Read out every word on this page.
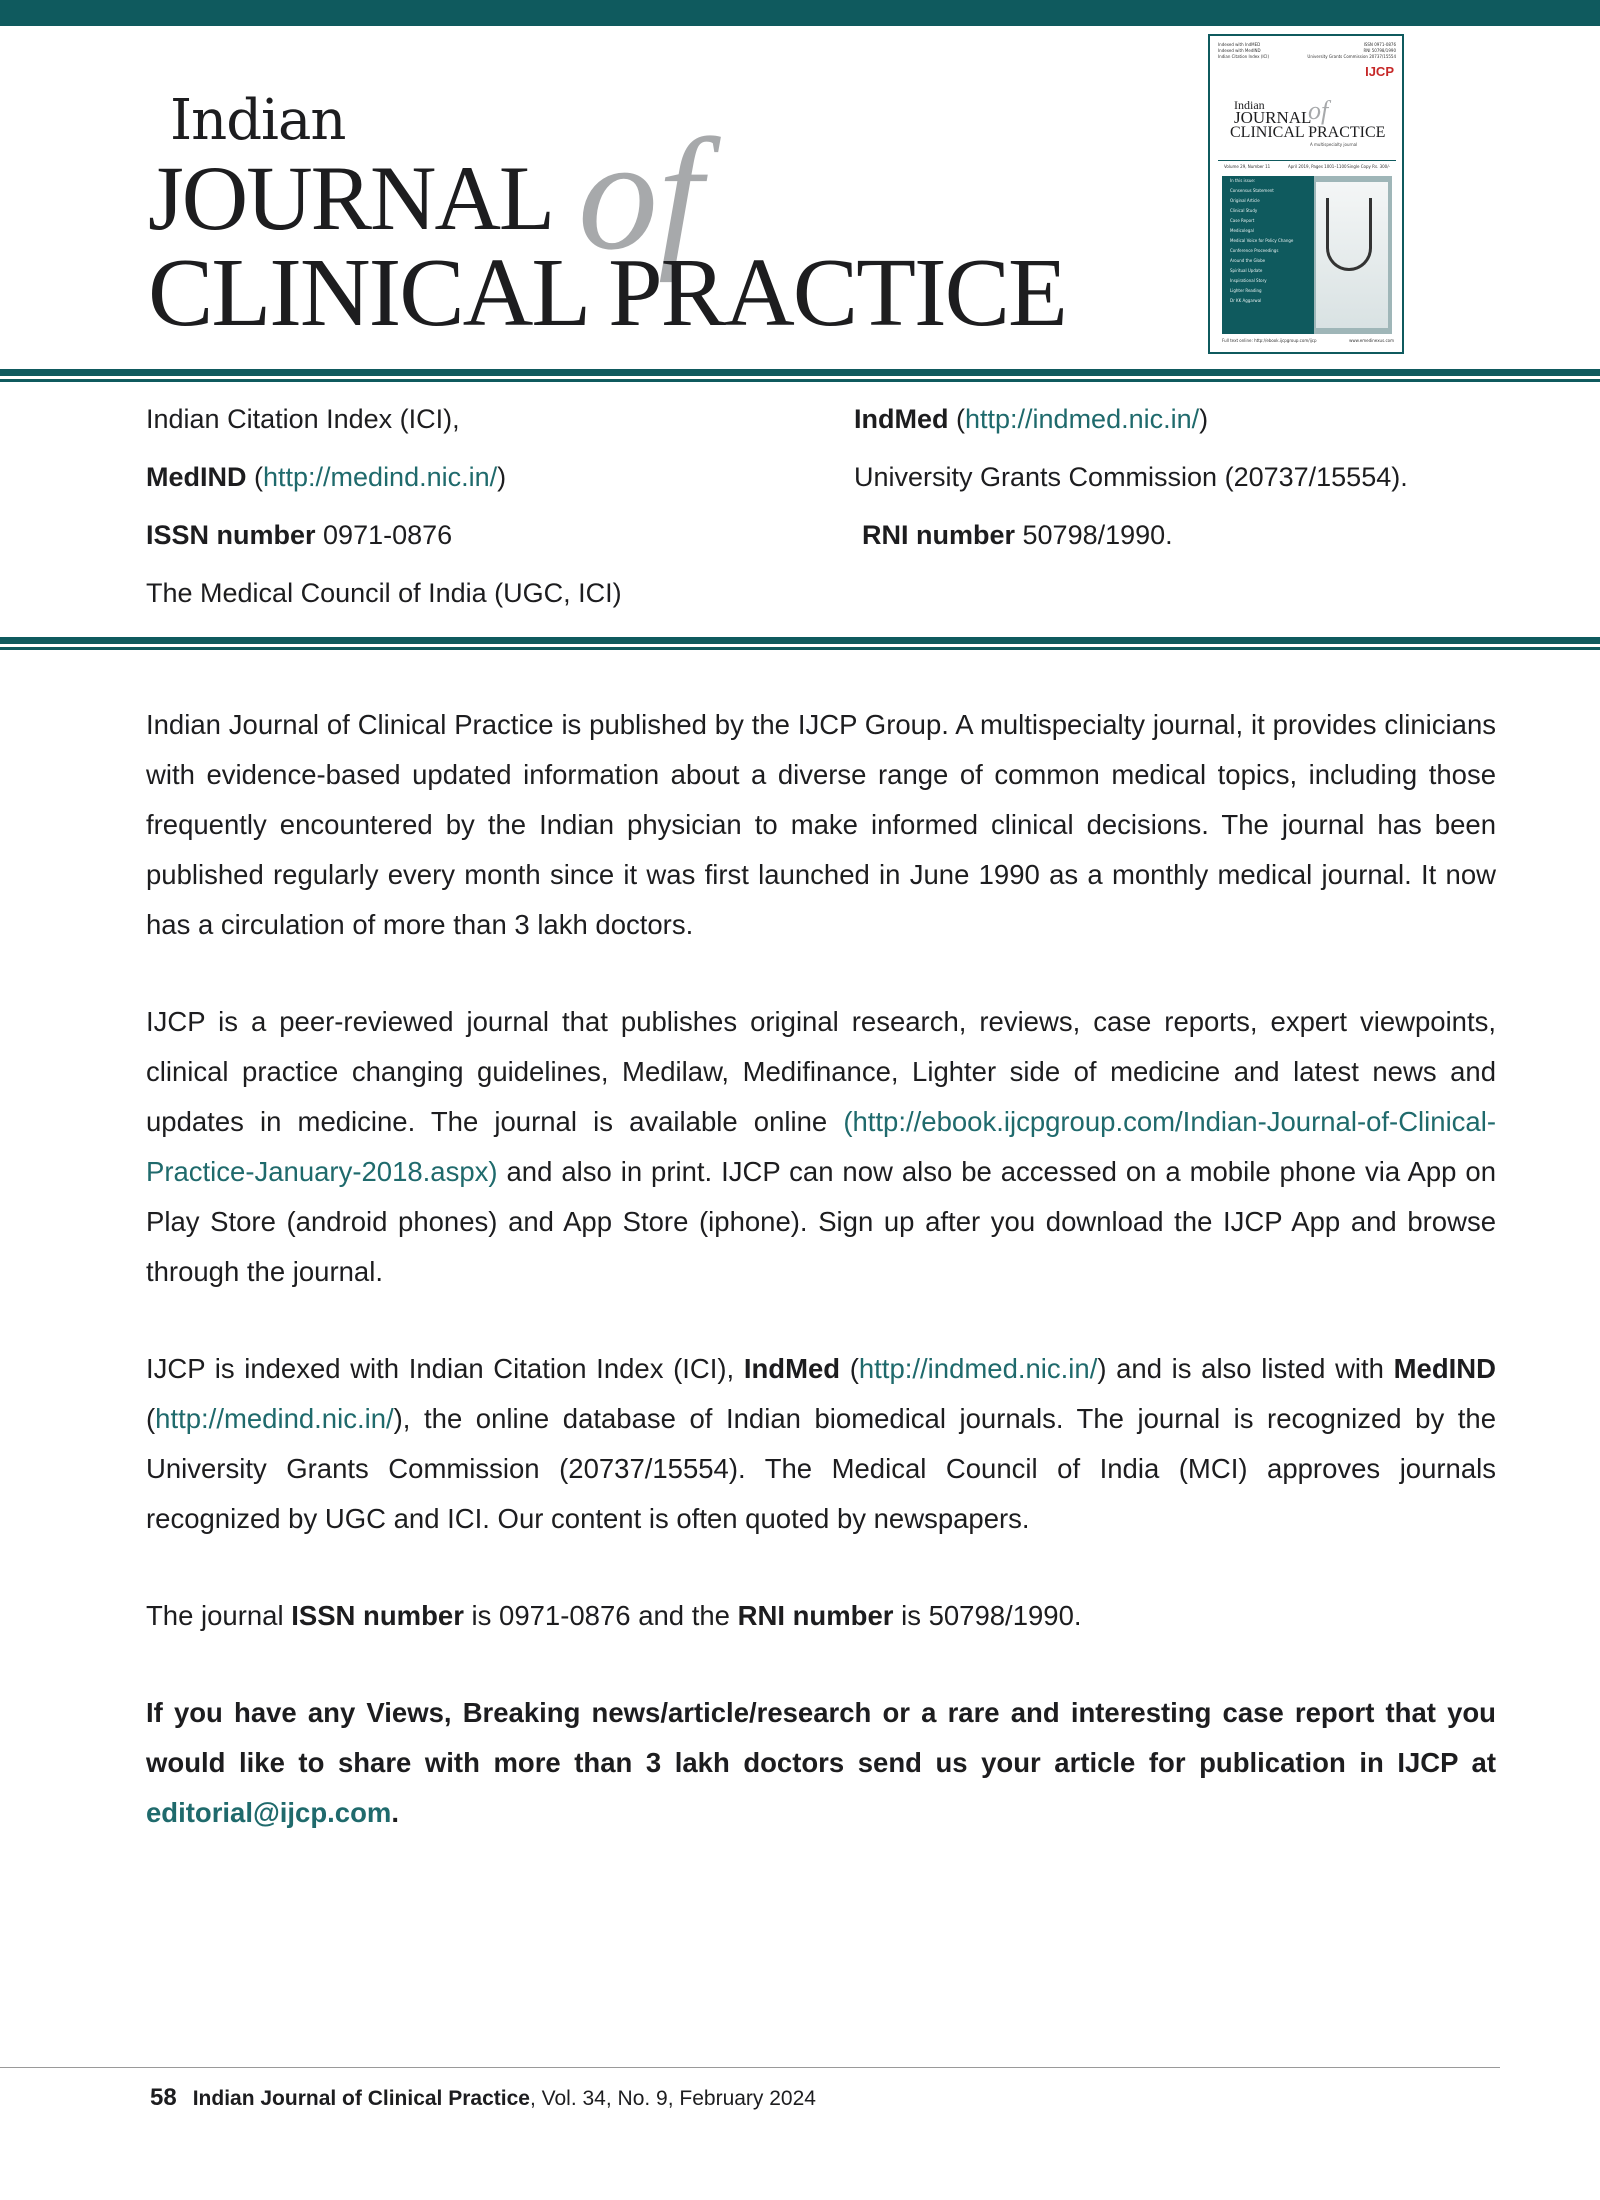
Indian
JOURNAL of
CLINICAL PRACTICE
Indexed with IndMED
Indexed with MedIND
Indian Citation Index (ICI)
ISSN 0971-0876
RNI 50798/1990
University Grants Commission 20737/15554
IJCP
Indian
JOURNAL
of
CLINICAL PRACTICE
A multispecialty journal
Volume 29, Number 11	April 2019, Pages 1001–1100 Single Copy Rs. 300/-
In this issue:
Consensus Statement
Original Article
Clinical Study
Case Report
Medicolegal
Medical Voice for Policy Change
Conference Proceedings
Around the Globe
Spiritual Update
Inspirational Story
Lighter Reading
Dr KK Aggarwal
Full text online: http://ebook.ijcpgroup.com/ijcp	www.emedinexus.com
Indian Citation Index (ICI),	IndMed (http://indmed.nic.in/)
MedIND (http://medind.nic.in/)	University Grants Commission (20737/15554).
ISSN number 0971-0876	RNI number 50798/1990.
The Medical Council of India (UGC, ICI)

Indian Journal of Clinical Practice is published by the IJCP Group. A multispecialty journal, it provides clinicians with evidence-based updated information about a diverse range of common medical topics, including those frequently encountered by the Indian physician to make informed clinical decisions. The journal has been published regularly every month since it was first launched in June 1990 as a monthly medical journal. It now has a circulation of more than 3 lakh doctors.

IJCP is a peer-reviewed journal that publishes original research, reviews, case reports, expert viewpoints, clinical practice changing guidelines, Medilaw, Medifinance, Lighter side of medicine and latest news and updates in medicine. The journal is available online (http://ebook.ijcpgroup.com/Indian-Journal-of-Clinical-Practice-January-2018.aspx) and also in print. IJCP can now also be accessed on a mobile phone via App on Play Store (android phones) and App Store (iphone). Sign up after you download the IJCP App and browse through the journal.

IJCP is indexed with Indian Citation Index (ICI), IndMed (http://indmed.nic.in/) and is also listed with MedIND (http://medind.nic.in/), the online database of Indian biomedical journals. The journal is recognized by the University Grants Commission (20737/15554). The Medical Council of India (MCI) approves journals recognized by UGC and ICI. Our content is often quoted by newspapers.

The journal ISSN number is 0971-0876 and the RNI number is 50798/1990.

If you have any Views, Breaking news/article/research or a rare and interesting case report that you would like to share with more than 3 lakh doctors send us your article for publication in IJCP at editorial@ijcp.com.

58 Indian Journal of Clinical Practice, Vol. 34, No. 9, February 2024
